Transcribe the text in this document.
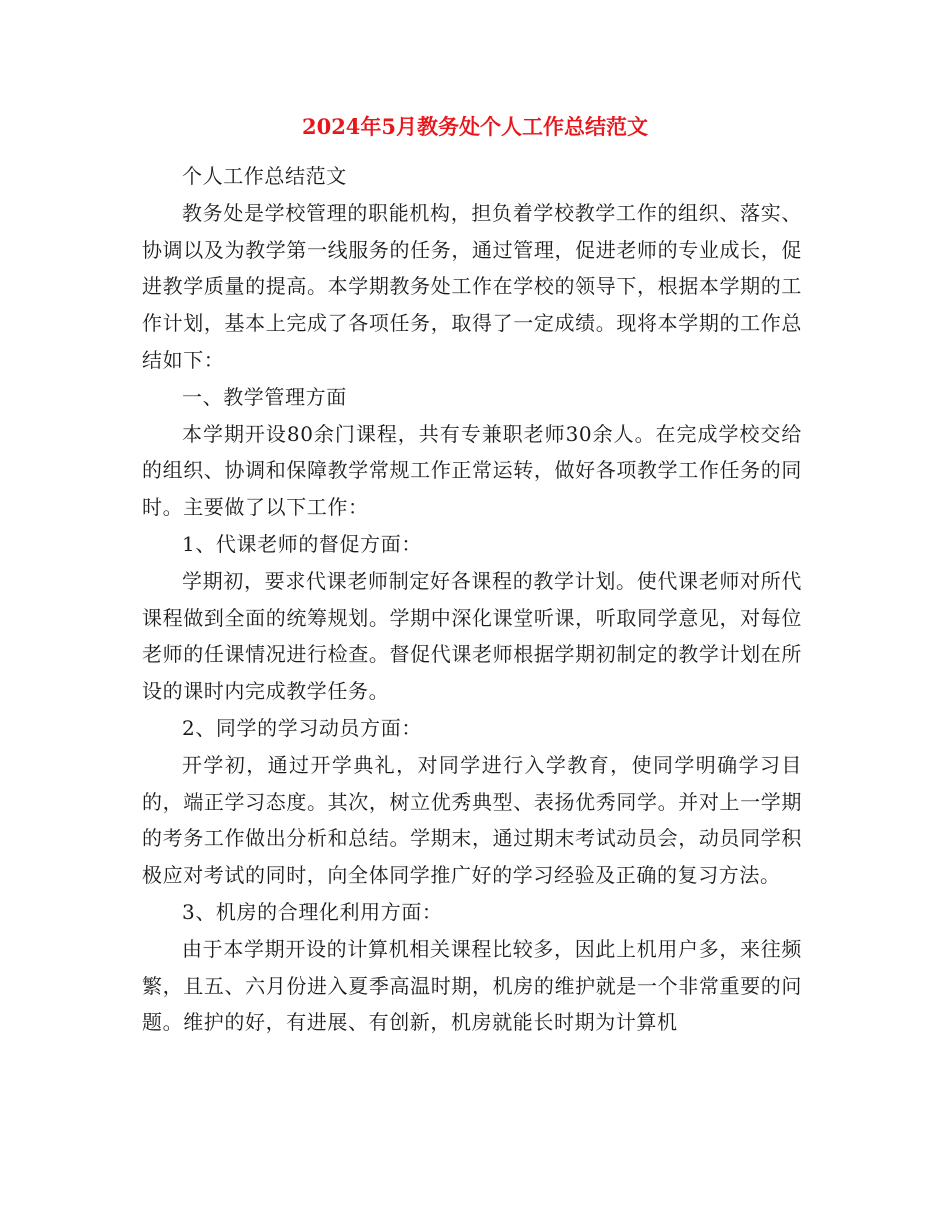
2024年5月教务处个人工作总结范文

个人工作总结范文

教务处是学校管理的职能机构，担负着学校教学工作的组织、落实、协调以及为教学第一线服务的任务，通过管理，促进老师的专业成长，促进教学质量的提高。本学期教务处工作在学校的领导下，根据本学期的工作计划，基本上完成了各项任务，取得了一定成绩。现将本学期的工作总结如下：

一、教学管理方面

本学期开设80余门课程，共有专兼职老师30余人。在完成学校交给的组织、协调和保障教学常规工作正常运转，做好各项教学工作任务的同时。主要做了以下工作：

1、代课老师的督促方面：

学期初，要求代课老师制定好各课程的教学计划。使代课老师对所代课程做到全面的统筹规划。学期中深化课堂听课，听取同学意见，对每位老师的任课情况进行检查。督促代课老师根据学期初制定的教学计划在所设的课时内完成教学任务。

2、同学的学习动员方面：

开学初，通过开学典礼，对同学进行入学教育，使同学明确学习目的，端正学习态度。其次，树立优秀典型、表扬优秀同学。并对上一学期的考务工作做出分析和总结。学期末，通过期末考试动员会，动员同学积极应对考试的同时，向全体同学推广好的学习经验及正确的复习方法。

3、机房的合理化利用方面：

由于本学期开设的计算机相关课程比较多，因此上机用户多，来往频繁，且五、六月份进入夏季高温时期，机房的维护就是一个非常重要的问题。维护的好，有进展、有创新，机房就能长时期为计算机
